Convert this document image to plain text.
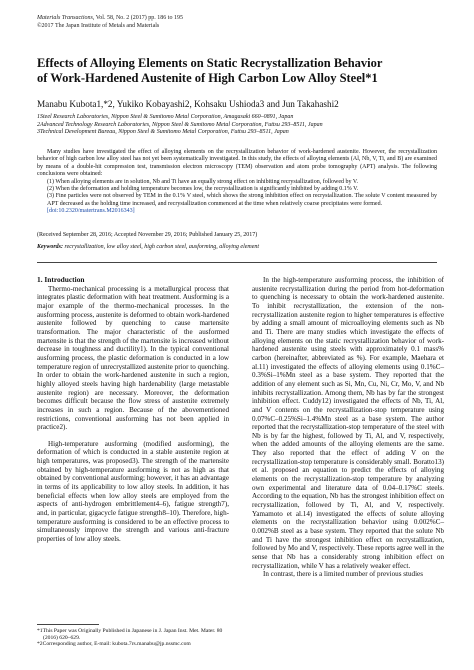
Materials Transactions, Vol. 58, No. 2 (2017) pp. 186 to 195
©2017 The Japan Institute of Metals and Materials
Effects of Alloying Elements on Static Recrystallization Behavior
of Work-Hardened Austenite of High Carbon Low Alloy Steel*1
Manabu Kubota1,*2, Yukiko Kobayashi2, Kohsaku Ushioda3 and Jun Takahashi2
1Steel Research Laboratories, Nippon Steel & Sumitomo Metal Corporation, Amagasaki 660–0891, Japan
2Advanced Technology Research Laboratories, Nippon Steel & Sumitomo Metal Corporation, Futtsu 293–8511, Japan
3Technical Development Bureau, Nippon Steel & Sumitomo Metal Corporation, Futtsu 293–8511, Japan

Many studies have investigated the effect of alloying elements on the recrystallization behavior of work-hardened austenite. However, the recrystallization behavior of high carbon low alloy steel has not yet been systematically investigated. In this study, the effects of alloying elements (Al, Nb, V, Ti, and B) are examined by means of a double-hit compression test, transmission electron microscopy (TEM) observation and atom probe tomography (APT) analysis. The following conclusions were obtained:

(1) When alloying elements are in solution, Nb and Ti have an equally strong effect on inhibiting recrystallization, followed by V.

(2) When the deformation and holding temperature becomes low, the recrystallization is significantly inhibited by adding 0.1% V.

(3) Fine particles were not observed by TEM in the 0.1% V steel, which shows the strong inhibition effect on recrystallization. The solute V content measured by APT decreased as the holding time increased, and recrystallization commenced at the time when relatively coarse precipitates were formed.

[doi:10.2320/matertrans.M2016343]

(Received September 28, 2016; Accepted November 29, 2016; Published January 25, 2017)
Keywords: recrystallization, low alloy steel, high carbon steel, ausforming, alloying element

1. Introduction

Thermo-mechanical processing is a metallurgical process that integrates plastic deformation with heat treatment. Ausforming is a major example of the thermo-mechanical processes. In the ausforming process, austenite is deformed to obtain work-hardened austenite followed by quenching to cause martensite transformation. The major characteristic of the ausformed martensite is that the strength of the martensite is increased without decrease in toughness and ductility1). In the typical conventional ausforming process, the plastic deformation is conducted in a low temperature region of unrecrystallized austenite prior to quenching. In order to obtain the work-hardened austenite in such a region, highly alloyed steels having high hardenability (large metastable austenite region) are necessary. Moreover, the deformation becomes difficult because the flow stress of austenite extremely increases in such a region. Because of the abovementioned restrictions, conventional ausforming has not been applied in practice2).

High-temperature ausforming (modified ausforming), the deformation of which is conducted in a stable austenite region at high temperatures, was proposed3). The strength of the martensite obtained by high-temperature ausforming is not as high as that obtained by conventional ausforming; however, it has an advantage in terms of its applicability to low alloy steels. In addition, it has beneficial effects when low alloy steels are employed from the aspects of anti-hydrogen embrittlement4–6), fatigue strength7), and, in particular, gigacycle fatigue strength8–10). Therefore, high-temperature ausforming is considered to be an effective process to simultaneously improve the strength and various anti-fracture properties of low alloy steels.

In the high-temperature ausforming process, the inhibition of austenite recrystallization during the period from hot-deformation to quenching is necessary to obtain the work-hardened austenite. To inhibit recrystallization, the extension of the non-recrystallization austenite region to higher temperatures is effective by adding a small amount of microalloying elements such as Nb and Ti. There are many studies which investigate the effects of alloying elements on the static recrystallization behavior of work-hardened austenite using steels with approximately 0.1 mass% carbon (hereinafter, abbreviated as %). For example, Maehara et al.11) investigated the effects of alloying elements using 0.1%C–0.3%Si–1%Mn steel as a base system. They reported that the addition of any element such as Si, Mn, Cu, Ni, Cr, Mo, V, and Nb inhibits recrystallization. Among them, Nb has by far the strongest inhibition effect. Cuddy12) investigated the effects of Nb, Ti, Al, and V contents on the recrystallization-stop temperature using 0.07%C–0.25%Si–1.4%Mn steel as a base system. The author reported that the recrystallization-stop temperature of the steel with Nb is by far the highest, followed by Ti, Al, and V, respectively, when the added amounts of the alloying elements are the same. They also reported that the effect of adding V on the recrystallization-stop temperature is considerably small. Boratto13) et al. proposed an equation to predict the effects of alloying elements on the recrystallization-stop temperature by analyzing own experimental and literature data of 0.04–0.17%C steels. According to the equation, Nb has the strongest inhibition effect on recrystallization, followed by Ti, Al, and V, respectively. Yamamoto et al.14) investigated the effects of solute alloying elements on the recrystallization behavior using 0.002%C–0.002%B steel as a base system. They reported that the solute Nb and Ti have the strongest inhibition effect on recrystallization, followed by Mo and V, respectively. These reports agree well in the sense that Nb has a considerably strong inhibition effect on recrystallization, while V has a relatively weaker effect.

In contrast, there is a limited number of previous studies

*1This Paper was Originally Published in Japanese in J. Japan Inst. Met. Mater. 80 (2016) 620–629.
*2Corresponding author, E-mail: kubota.7rs.manabu@jp.nssmc.com
